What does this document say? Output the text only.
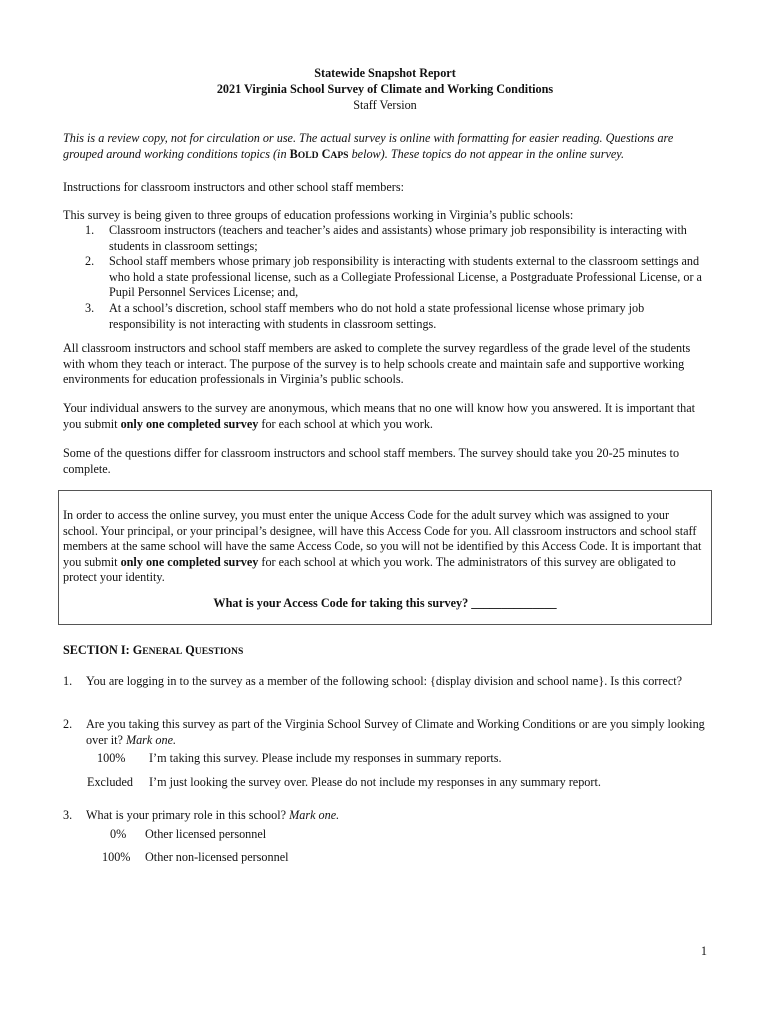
Statewide Snapshot Report
2021 Virginia School Survey of Climate and Working Conditions
Staff Version
This is a review copy, not for circulation or use. The actual survey is online with formatting for easier reading. Questions are grouped around working conditions topics (in BOLD CAPS below). These topics do not appear in the online survey.
Instructions for classroom instructors and other school staff members:
This survey is being given to three groups of education professions working in Virginia’s public schools:
1. Classroom instructors (teachers and teacher’s aides and assistants) whose primary job responsibility is interacting with students in classroom settings;
2. School staff members whose primary job responsibility is interacting with students external to the classroom settings and who hold a state professional license, such as a Collegiate Professional License, a Postgraduate Professional License, or a Pupil Personnel Services License; and,
3. At a school’s discretion, school staff members who do not hold a state professional license whose primary job responsibility is not interacting with students in classroom settings.
All classroom instructors and school staff members are asked to complete the survey regardless of the grade level of the students with whom they teach or interact. The purpose of the survey is to help schools create and maintain safe and supportive working environments for education professionals in Virginia’s public schools.
Your individual answers to the survey are anonymous, which means that no one will know how you answered. It is important that you submit only one completed survey for each school at which you work.
Some of the questions differ for classroom instructors and school staff members. The survey should take you 20-25 minutes to complete.
In order to access the online survey, you must enter the unique Access Code for the adult survey which was assigned to your school. Your principal, or your principal’s designee, will have this Access Code for you. All classroom instructors and school staff members at the same school will have the same Access Code, so you will not be identified by this Access Code. It is important that you submit only one completed survey for each school at which you work. The administrators of this survey are obligated to protect your identity.
What is your Access Code for taking this survey? ______________
SECTION I: GENERAL QUESTIONS
1. You are logging in to the survey as a member of the following school: {display division and school name}. Is this correct?
2. Are you taking this survey as part of the Virginia School Survey of Climate and Working Conditions or are you simply looking over it? Mark one.
100% I’m taking this survey. Please include my responses in summary reports.
Excluded I’m just looking the survey over. Please do not include my responses in any summary report.
3. What is your primary role in this school? Mark one.
0% Other licensed personnel
100% Other non-licensed personnel
1
